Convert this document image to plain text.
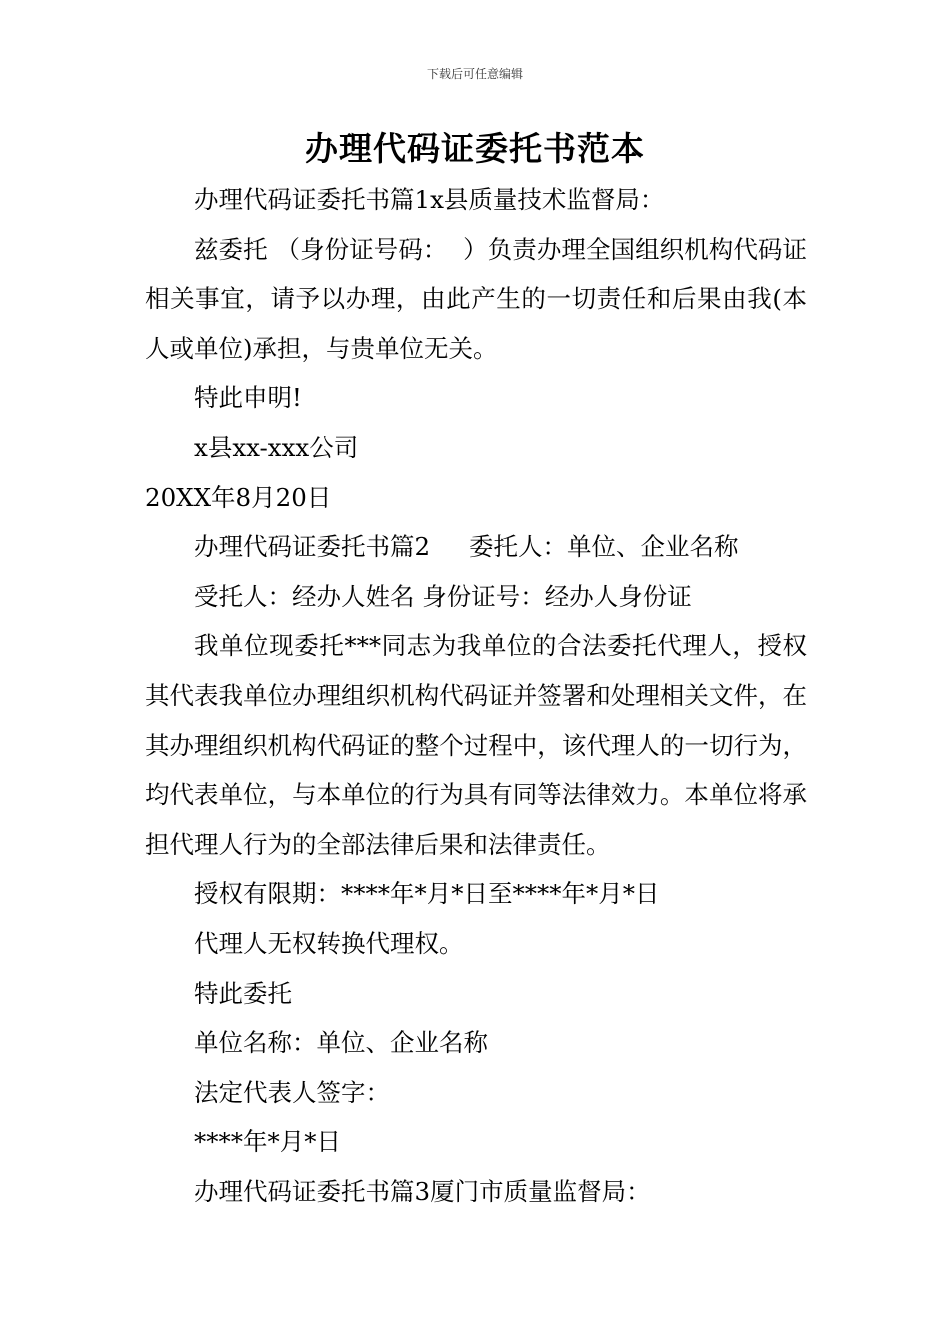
下载后可任意编辑
办理代码证委托书范本

办理代码证委托书篇1x县质量技术监督局：

兹委托 （身份证号码：  ）负责办理全国组织机构代码证相关事宜，请予以办理，由此产生的一切责任和后果由我(本人或单位)承担，与贵单位无关。

特此申明!

x县xx-xxx公司

20XX年8月20日

办理代码证委托书篇2     委托人：单位、企业名称

受托人：经办人姓名 身份证号：经办人身份证

我单位现委托***同志为我单位的合法委托代理人，授权其代表我单位办理组织机构代码证并签署和处理相关文件，在其办理组织机构代码证的整个过程中，该代理人的一切行为，均代表单位，与本单位的行为具有同等法律效力。本单位将承担代理人行为的全部法律后果和法律责任。

授权有限期：****年*月*日至****年*月*日

代理人无权转换代理权。

特此委托

单位名称：单位、企业名称

法定代表人签字：

****年*月*日

办理代码证委托书篇3厦门市质量监督局：
